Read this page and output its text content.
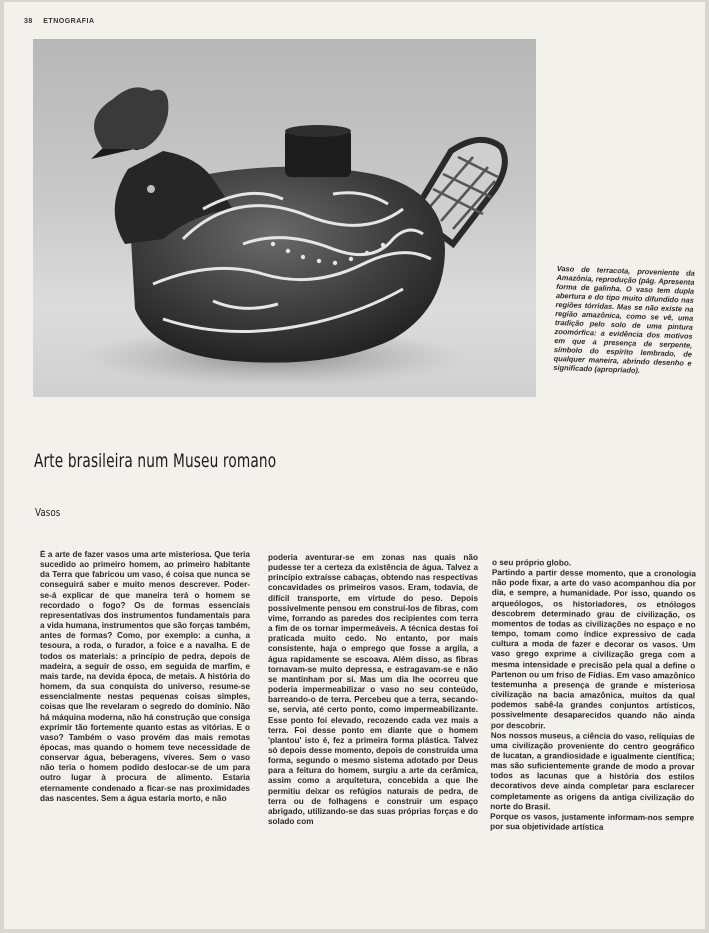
38 ETNOGRAFIA
Vaso de terracota, proveniente da Amazônia, reprodução (pág. Apresenta forma de galinha. O vaso tem dupla abertura e do tipo muito difundido nas regiões tórridas. Mas se não existe na região amazônica, como se vê, uma tradição pelo solo de uma pintura zoomórfica: a evidência dos motivos em que a presença de serpente, símbolo do espírito lembrado, de qualquer maneira, abrindo desenho e significado (apropriado).
Arte brasileira num Museu romano
Vasos

É a arte de fazer vasos uma arte misteriosa. Que teria sucedido ao primeiro homem, ao primeiro habitante da Terra que fabricou um vaso, é coisa que nunca se conseguirá saber e muito menos descrever. Poder-se-á explicar de que maneira terá o homem se recordado o fogo? Os de formas essenciais representativas dos instrumentos fundamentais para a vida humana, instrumentos que são forças também, antes de formas? Como, por exemplo: a cunha, a tesoura, a roda, o furador, a foice e a navalha. E de todos os materiais: a princípio de pedra, depois de madeira, a seguir de osso, em seguida de marfim, e mais tarde, na devida época, de metais. A história do homem, da sua conquista do universo, resume-se essencialmente nestas pequenas coisas simples, coisas que lhe revelaram o segredo do domínio. Não há máquina moderna, não há construção que consiga exprimir tão fortemente quanto estas as vitórias. E o vaso? Também o vaso provém das mais remotas épocas, mas quando o homem teve necessidade de conservar água, beberagens, víveres. Sem o vaso não teria o homem podido deslocar-se de um para outro lugar à procura de alimento. Estaria eternamente condenado a ficar-se nas proximidades das nascentes. Sem a água estaria morto, e não

poderia aventurar-se em zonas nas quais não pudesse ter a certeza da existência de água. Talvez a princípio extraísse cabaças, obtendo nas respectivas concavidades os primeiros vasos. Eram, todavia, de difícil transporte, em virtude do peso. Depois possivelmente pensou em construí-los de fibras, com vime, forrando as paredes dos recipientes com terra a fim de os tornar impermeáveis. A técnica destas foi praticada muito cedo. No entanto, por mais consistente, haja o emprego que fosse a argila, a água rapidamente se escoava. Além disso, as fibras tornavam-se muito depressa, e estragavam-se e não se mantinham por si. Mas um dia lhe ocorreu que poderia impermeabilizar o vaso no seu conteúdo, barreando-o de terra. Percebeu que a terra, secando-se, servia, até certo ponto, como impermeabilizante. Esse ponto foi elevado, recozendo cada vez mais a terra. Foi desse ponto em diante que o homem 'plantou' isto é, fez a primeira forma plástica. Talvez só depois desse momento, depois de construída uma forma, segundo o mesmo sistema adotado por Deus para a feitura do homem, surgiu a arte da cerâmica, assim como a arquitetura, concebida a que lhe permitiu deixar os refúgios naturais de pedra, de terra ou de folhagens e construir um espaço abrigado, utilizando-se das suas próprias forças e do solado com

o seu próprio globo.
Partindo a partir desse momento, que a cronologia não pode fixar, a arte do vaso acompanhou dia por dia, e sempre, a humanidade. Por isso, quando os arqueólogos, os historiadores, os etnólogos descobrem determinado grau de civilização, os momentos de todas as civilizações no espaço e no tempo, tomam como índice expressivo de cada cultura a moda de fazer e decorar os vasos. Um vaso grego exprime a civilização grega com a mesma intensidade e precisão pela qual a define o Partenon ou um friso de Fídias. Em vaso amazônico testemunha a presença de grande e misteriosa civilização na bacia amazônica, muitos da qual podemos sabê-la grandes conjuntos artísticos, possivelmente desaparecidos quando não ainda por descobrir.
Nos nossos museus, a ciência do vaso, relíquias de uma civilização proveniente do centro geográfico de Iucatan, a grandiosidade e igualmente científica; mas são suficientemente grande de modo a provar todos as lacunas que a história dos estilos decorativos deve ainda completar para esclarecer completamente as origens da antiga civilização do norte do Brasil.
Porque os vasos, justamente informam-nos sempre por sua objetividade artística
